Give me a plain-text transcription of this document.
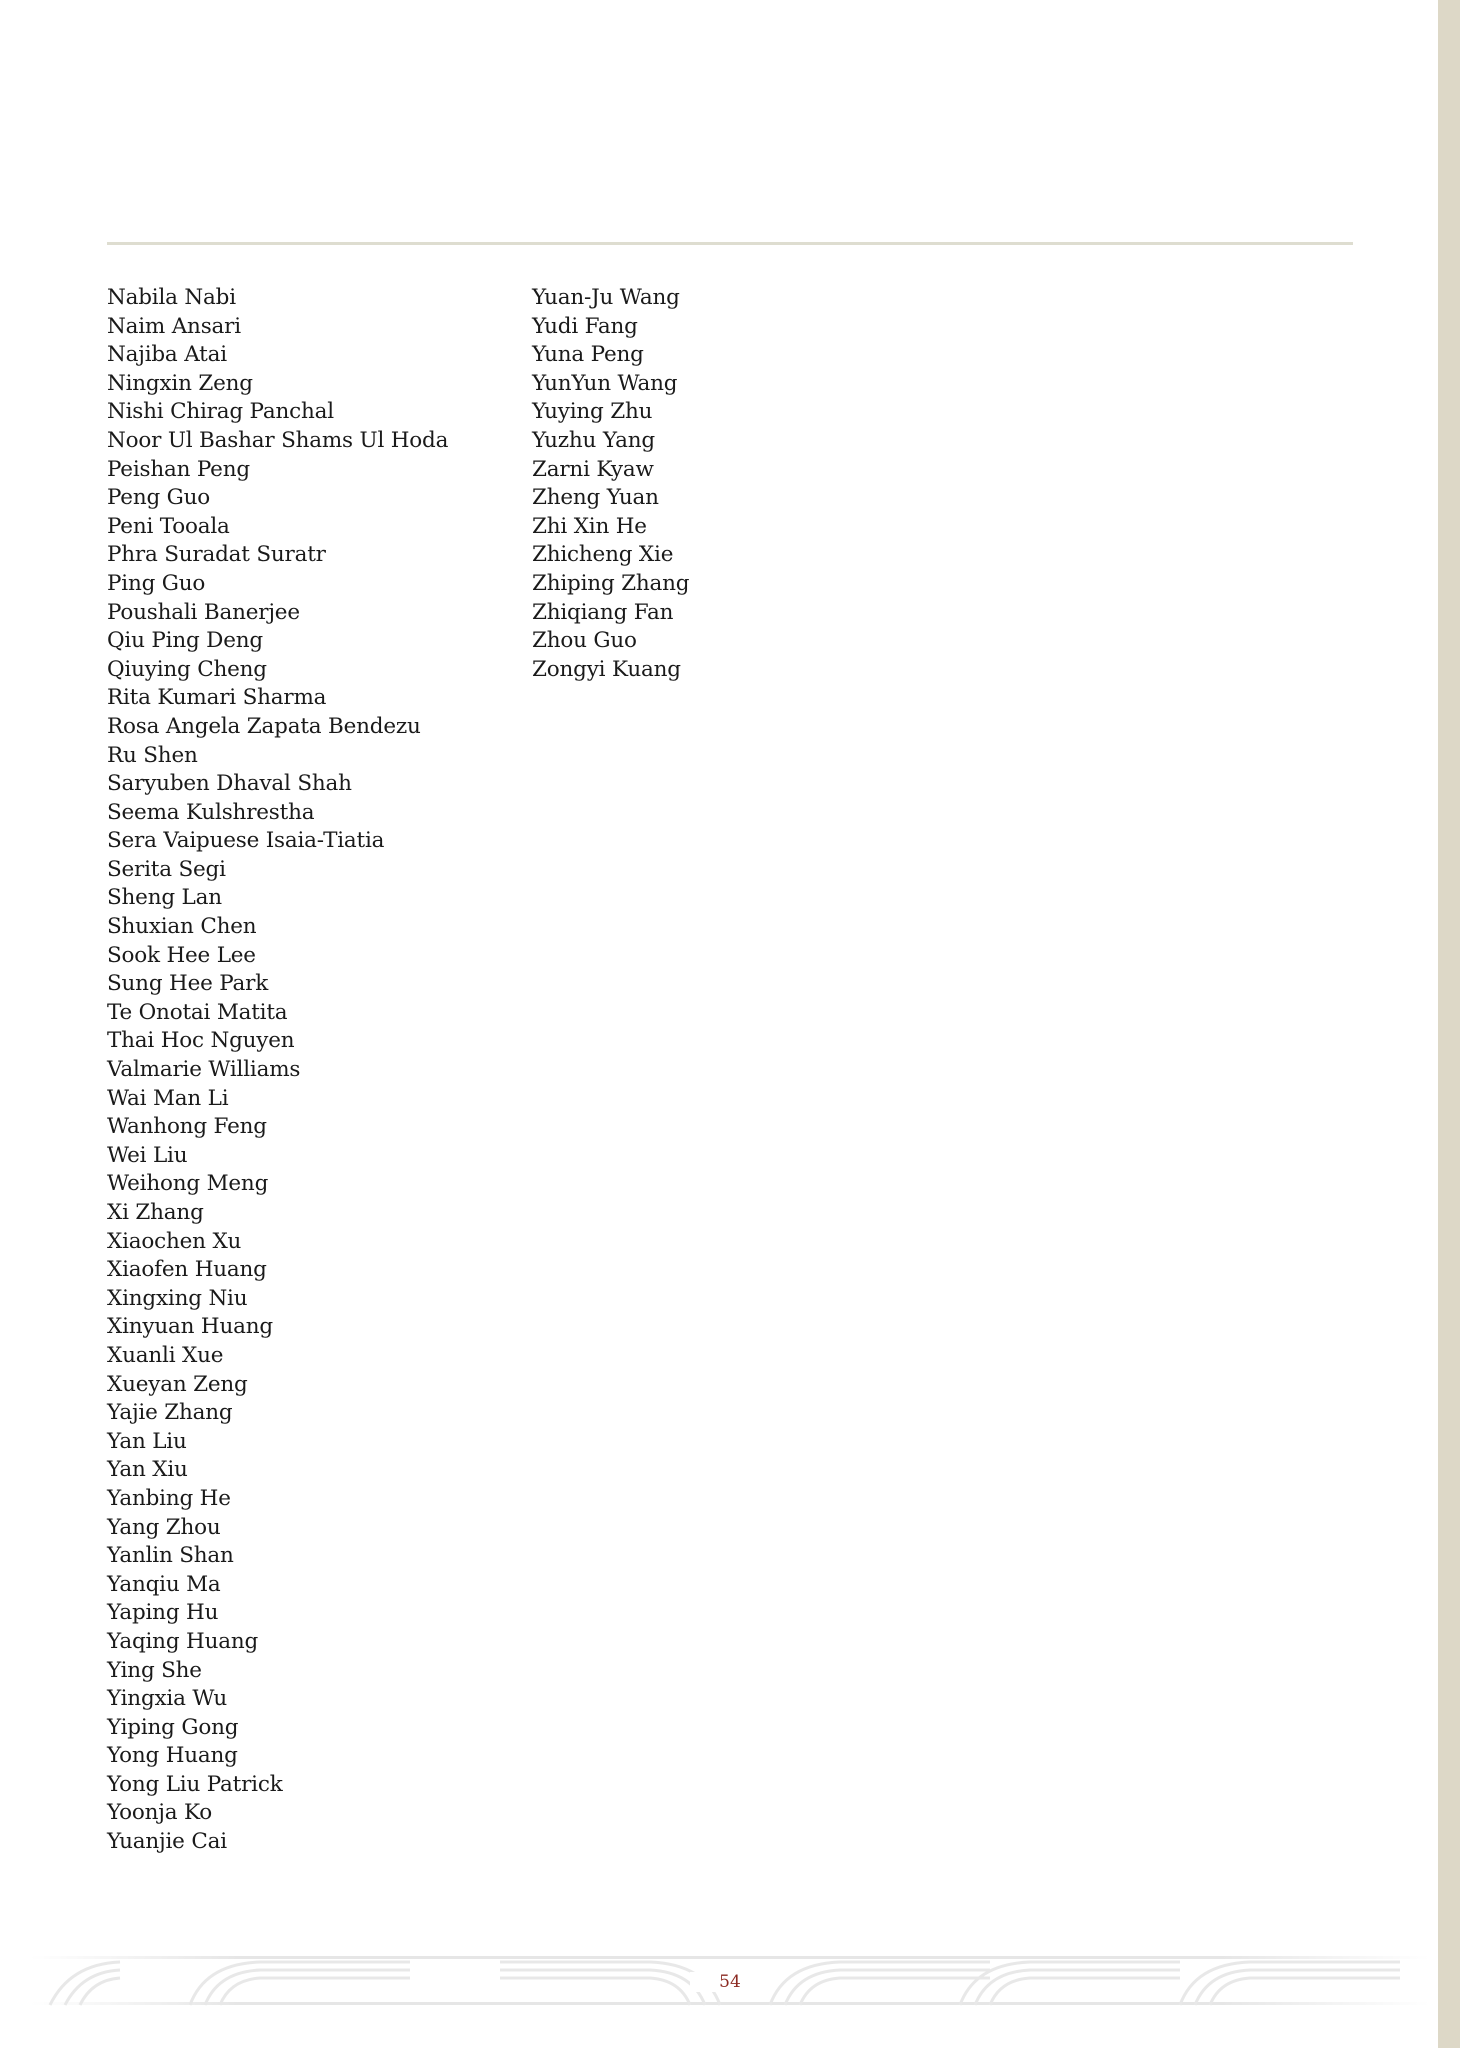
Nabila Nabi
Naim Ansari
Najiba Atai
Ningxin Zeng
Nishi Chirag Panchal
Noor Ul Bashar Shams Ul Hoda
Peishan Peng
Peng Guo
Peni Tooala
Phra Suradat Suratr
Ping Guo
Poushali Banerjee
Qiu Ping Deng
Qiuying Cheng
Rita Kumari Sharma
Rosa Angela Zapata Bendezu
Ru Shen
Saryuben Dhaval Shah
Seema Kulshrestha
Sera Vaipuese Isaia-Tiatia
Serita Segi
Sheng Lan
Shuxian Chen
Sook Hee Lee
Sung Hee Park
Te Onotai Matita
Thai Hoc Nguyen
Valmarie Williams
Wai Man Li
Wanhong Feng
Wei Liu
Weihong Meng
Xi Zhang
Xiaochen Xu
Xiaofen Huang
Xingxing Niu
Xinyuan Huang
Xuanli Xue
Xueyan Zeng
Yajie Zhang
Yan Liu
Yan Xiu
Yanbing He
Yang Zhou
Yanlin Shan
Yanqiu Ma
Yaping Hu
Yaqing Huang
Ying She
Yingxia Wu
Yiping Gong
Yong Huang
Yong Liu Patrick
Yoonja Ko
Yuanjie Cai
Yuan-Ju Wang
Yudi Fang
Yuna Peng
YunYun Wang
Yuying Zhu
Yuzhu Yang
Zarni Kyaw
Zheng Yuan
Zhi Xin He
Zhicheng Xie
Zhiping Zhang
Zhiqiang Fan
Zhou Guo
Zongyi Kuang
54
